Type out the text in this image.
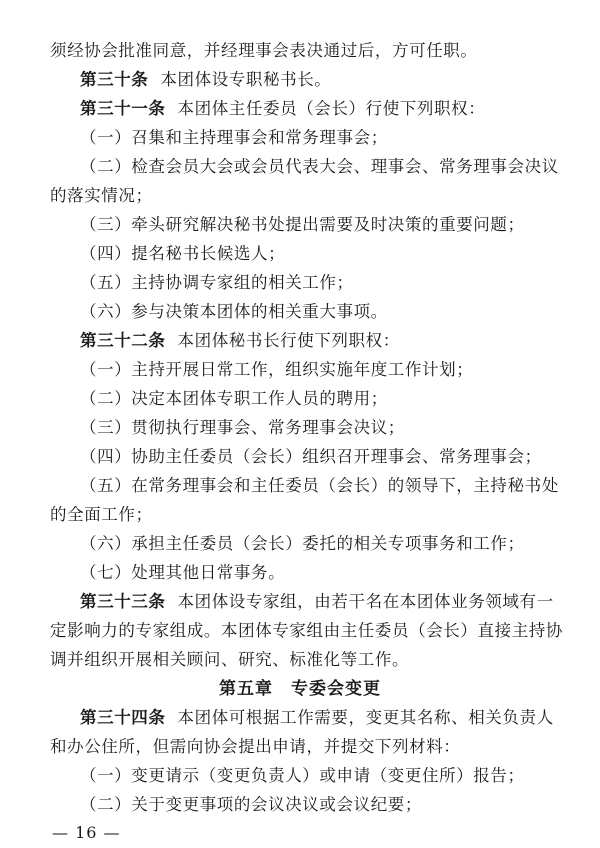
须经协会批准同意，并经理事会表决通过后，方可任职。
第三十条 本团体设专职秘书长。
第三十一条 本团体主任委员（会长）行使下列职权：
（一）召集和主持理事会和常务理事会；
（二）检查会员大会或会员代表大会、理事会、常务理事会决议
的落实情况；
（三）牵头研究解决秘书处提出需要及时决策的重要问题；
（四）提名秘书长候选人；
（五）主持协调专家组的相关工作；
（六）参与决策本团体的相关重大事项。
第三十二条 本团体秘书长行使下列职权：
（一）主持开展日常工作，组织实施年度工作计划；
（二）决定本团体专职工作人员的聘用；
（三）贯彻执行理事会、常务理事会决议；
（四）协助主任委员（会长）组织召开理事会、常务理事会；
（五）在常务理事会和主任委员（会长）的领导下，主持秘书处
的全面工作；
（六）承担主任委员（会长）委托的相关专项事务和工作；
（七）处理其他日常事务。
第三十三条 本团体设专家组，由若干名在本团体业务领域有一
定影响力的专家组成。本团体专家组由主任委员（会长）直接主持协
调并组织开展相关顾问、研究、标准化等工作。
第五章　专委会变更
第三十四条 本团体可根据工作需要，变更其名称、相关负责人
和办公住所，但需向协会提出申请，并提交下列材料：
（一）变更请示（变更负责人）或申请（变更住所）报告；
（二）关于变更事项的会议决议或会议纪要；
— 16 —
